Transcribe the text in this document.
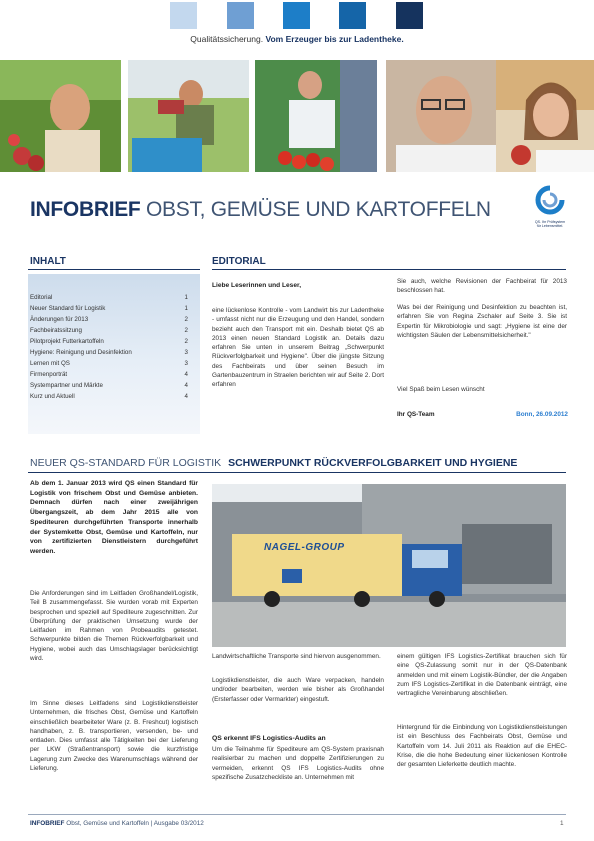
Qualitätssicherung. Vom Erzeuger bis zur Ladentheke.
INFOBRIEF OBST, GEMÜSE UND KARTOFFELN
QS. Ihr Prüfsystem
für Lebensmittel.
INHALT
Editorial	1
Neuer Standard für Logistik	1
Änderungen für 2013	2
Fachbeiratssitzung	2
Pilotprojekt Futterkartoffeln	2
Hygiene: Reinigung und Desinfektion	3
Lernen mit QS	3
Firmenporträt	4
Systempartner und Märkte	4
Kurz und Aktuell	4
EDITORIAL
Liebe Leserinnen und Leser,
eine lückenlose Kontrolle - vom Landwirt bis zur Ladentheke - umfasst nicht nur die Erzeugung und den Handel, sondern bezieht auch den Transport mit ein. Deshalb bietet QS ab 2013 einen neuen Standard Logistik an. Details dazu erfahren Sie unten in unserem Beitrag „Schwerpunkt Rückverfolgbarkeit und Hygiene". Über die jüngste Sitzung des Fachbeirats und über seinen Besuch im Gartenbauzentrum in Straelen berichten wir auf Seite 2. Dort erfahren
Sie auch, welche Revisionen der Fachbeirat für 2013 beschlossen hat.
Was bei der Reinigung und Desinfektion zu beachten ist, erfahren Sie von Regina Zschaler auf Seite 3. Sie ist Expertin für Mikrobiologie und sagt: „Hygiene ist eine der wichtigsten Säulen der Lebensmittelsicherheit."
Viel Spaß beim Lesen wünscht
Ihr QS-Team	Bonn, 26.09.2012
NEUER QS-STANDARD FÜR LOGISTIK SCHWERPUNKT RÜCKVERFOLGBARKEIT UND HYGIENE
Ab dem 1. Januar 2013 wird QS einen Standard für Logistik von frischem Obst und Gemüse anbieten. Demnach dürfen nach einer zweijährigen Übergangszeit, ab dem Jahr 2015 alle von Spediteuren durchgeführten Transporte innerhalb der Systemkette Obst, Gemüse und Kartoffeln, nur von zertifizierten Dienstleistern durchgeführt werden.
Die Anforderungen sind im Leitfaden Großhandel/Logistik, Teil B zusammengefasst. Sie wurden vorab mit Experten besprochen und speziell auf Spediteure zugeschnitten. Zur Überprüfung der praktischen Umsetzung wurde der Leitfaden im Rahmen von Probeaudits getestet. Schwerpunkte bilden die Themen Rückverfolgbarkeit und Hygiene, wobei auch das Umschlagslager berücksichtigt wird.
Im Sinne dieses Leitfadens sind Logistikdienstleister Unternehmen, die frisches Obst, Gemüse und Kartoffeln einschließlich bearbeiteter Ware (z. B. Freshcut) logistisch handhaben, z. B. transportieren, versenden, be- und entladen. Dies umfasst alle Tätigkeiten bei der Lieferung per LKW (Straßentransport) sowie die kurzfristige Lagerung zum Zwecke des Warenumschlags während der Lieferung.
NAGEL-GROUP
Landwirtschaftliche Transporte sind hiervon ausgenommen.
Logistikdienstleister, die auch Ware verpacken, handeln und/oder bearbeiten, werden wie bisher als Großhandel (Ersterfasser oder Vermarkter) eingestuft.
QS erkennt IFS Logistics-Audits an
Um die Teilnahme für Spediteure am QS-System praxisnah realisierbar zu machen und doppelte Zertifizierungen zu vermeiden, erkennt QS IFS Logistics-Audits ohne spezifische Zusatzcheckliste an. Unternehmen mit
einem gültigen IFS Logistics-Zertifikat brauchen sich für eine QS-Zulassung somit nur in der QS-Datenbank anmelden und mit einem Logistik-Bündler, der die Angaben zum IFS Logistics-Zertifikat in die Datenbank einträgt, eine vertragliche Vereinbarung abschließen.
Hintergrund für die Einbindung von Logistikdienstleistungen ist ein Beschluss des Fachbeirats Obst, Gemüse und Kartoffeln vom 14. Juli 2011 als Reaktion auf die EHEC-Krise, die die hohe Bedeutung einer lückenlosen Kontrolle der gesamten Lieferkette deutlich machte.
INFOBRIEF Obst, Gemüse und Kartoffeln | Ausgabe 03/2012	1
